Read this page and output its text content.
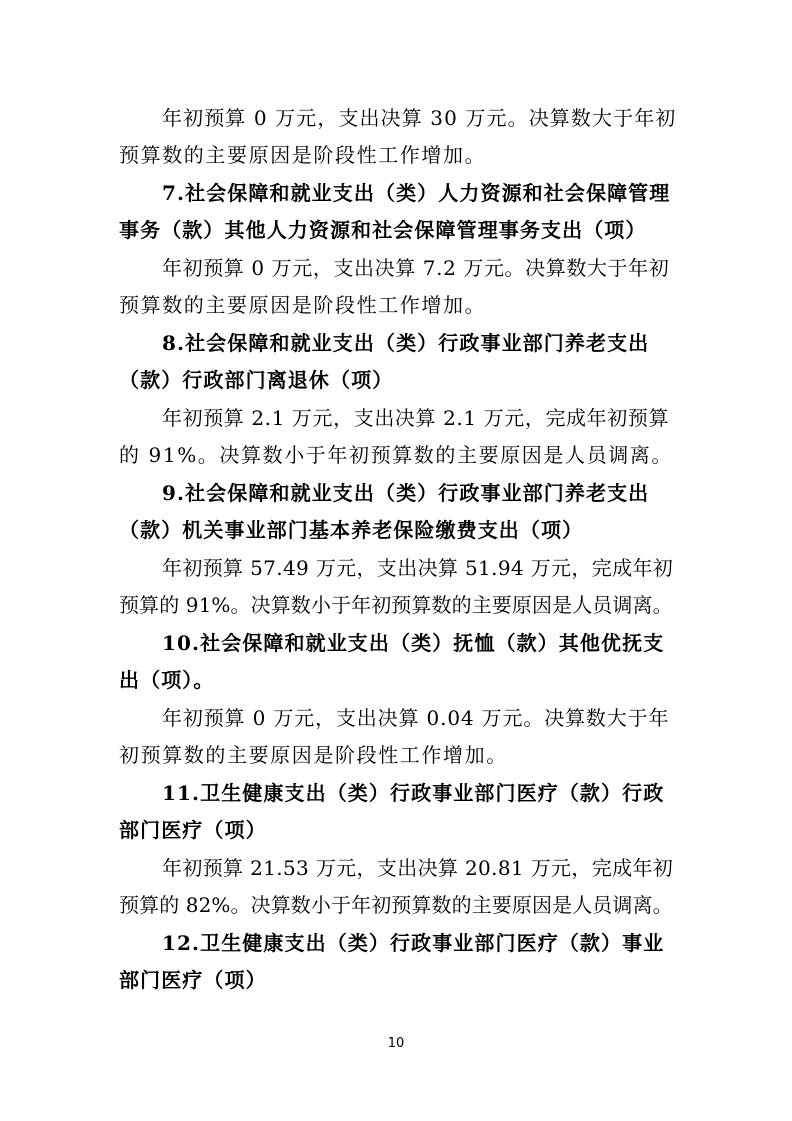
年初预算 0 万元，支出决算 30 万元。决算数大于年初

预算数的主要原因是阶段性工作增加。

7.社会保障和就业支出（类）人力资源和社会保障管理

事务（款）其他人力资源和社会保障管理事务支出（项）

年初预算 0 万元，支出决算 7.2 万元。决算数大于年初

预算数的主要原因是阶段性工作增加。

8.社会保障和就业支出（类）行政事业部门养老支出

（款）行政部门离退休（项）

年初预算 2.1 万元，支出决算 2.1 万元，完成年初预算

的 91%。决算数小于年初预算数的主要原因是人员调离。

9.社会保障和就业支出（类）行政事业部门养老支出

（款）机关事业部门基本养老保险缴费支出（项）

年初预算 57.49 万元，支出决算 51.94 万元，完成年初

预算的 91%。决算数小于年初预算数的主要原因是人员调离。

10.社会保障和就业支出（类）抚恤（款）其他优抚支

出（项）。

年初预算 0 万元，支出决算 0.04 万元。决算数大于年

初预算数的主要原因是阶段性工作增加。

11.卫生健康支出（类）行政事业部门医疗（款）行政

部门医疗（项）

年初预算 21.53 万元，支出决算 20.81 万元，完成年初

预算的 82%。决算数小于年初预算数的主要原因是人员调离。

12.卫生健康支出（类）行政事业部门医疗（款）事业

部门医疗（项）

10
